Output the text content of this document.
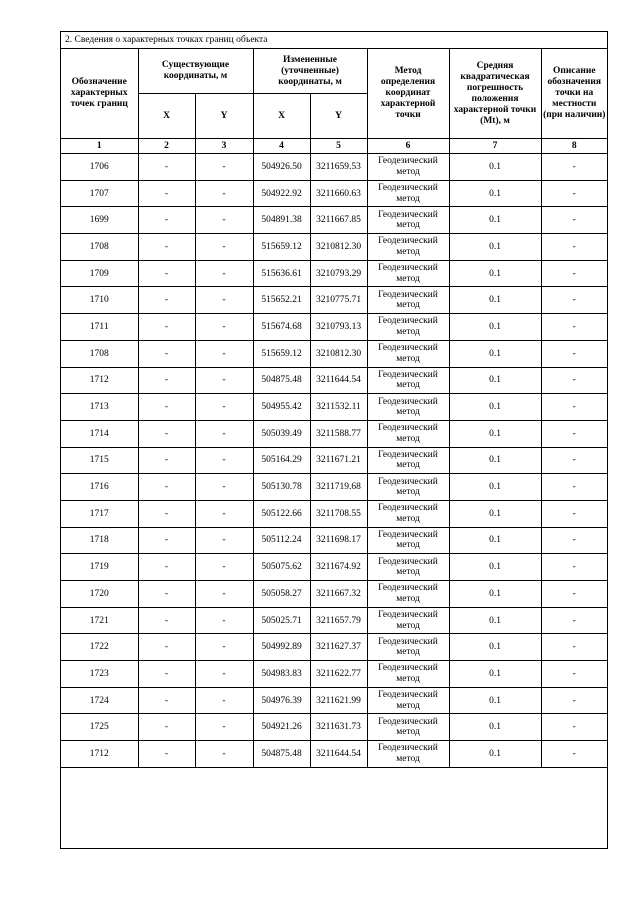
2. Сведения о характерных точках границ объекта
Обозначение характерных точек границ	Существующие координаты, м		Измененные (уточненные) координаты, м		Метод определения координат характерной точки	Средняя квадратическая погрешность положения характерной точки (Mt), м	Описание обозначения точки на местности (при наличии)
	X	Y	X	Y			
1	2	3	4	5	6	7	8
1706	-	-	504926.50	3211659.53	Геодезический метод	0.1	-
1707	-	-	504922.92	3211660.63	Геодезический метод	0.1	-
1699	-	-	504891.38	3211667.85	Геодезический метод	0.1	-
1708	-	-	515659.12	3210812.30	Геодезический метод	0.1	-
1709	-	-	515636.61	3210793.29	Геодезический метод	0.1	-
1710	-	-	515652.21	3210775.71	Геодезический метод	0.1	-
1711	-	-	515674.68	3210793.13	Геодезический метод	0.1	-
1708	-	-	515659.12	3210812.30	Геодезический метод	0.1	-
1712	-	-	504875.48	3211644.54	Геодезический метод	0.1	-
1713	-	-	504955.42	3211532.11	Геодезический метод	0.1	-
1714	-	-	505039.49	3211588.77	Геодезический метод	0.1	-
1715	-	-	505164.29	3211671.21	Геодезический метод	0.1	-
1716	-	-	505130.78	3211719.68	Геодезический метод	0.1	-
1717	-	-	505122.66	3211708.55	Геодезический метод	0.1	-
1718	-	-	505112.24	3211698.17	Геодезический метод	0.1	-
1719	-	-	505075.62	3211674.92	Геодезический метод	0.1	-
1720	-	-	505058.27	3211667.32	Геодезический метод	0.1	-
1721	-	-	505025.71	3211657.79	Геодезический метод	0.1	-
1722	-	-	504992.89	3211627.37	Геодезический метод	0.1	-
1723	-	-	504983.83	3211622.77	Геодезический метод	0.1	-
1724	-	-	504976.39	3211621.99	Геодезический метод	0.1	-
1725	-	-	504921.26	3211631.73	Геодезический метод	0.1	-
1712	-	-	504875.48	3211644.54	Геодезический метод	0.1	-
